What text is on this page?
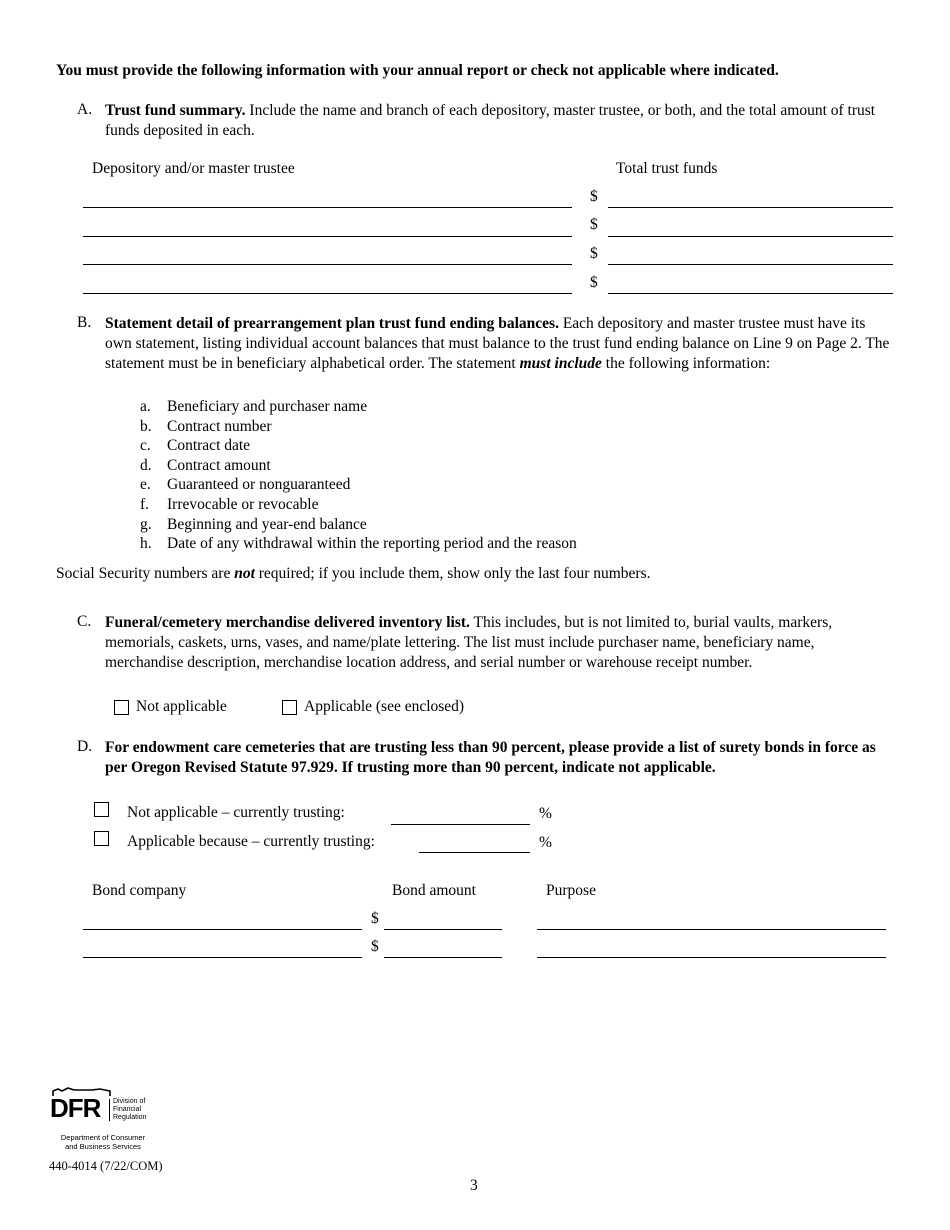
You must provide the following information with your annual report or check not applicable where indicated.
A. Trust fund summary. Include the name and branch of each depository, master trustee, or both, and the total amount of trust funds deposited in each.
Depository and/or master trustee	Total trust funds
$
$
$
$
B. Statement detail of prearrangement plan trust fund ending balances. Each depository and master trustee must have its own statement, listing individual account balances that must balance to the trust fund ending balance on Line 9 on Page 2. The statement must be in beneficiary alphabetical order. The statement must include the following information:
a. Beneficiary and purchaser name
b. Contract number
c. Contract date
d. Contract amount
e. Guaranteed or nonguaranteed
f. Irrevocable or revocable
g. Beginning and year-end balance
h. Date of any withdrawal within the reporting period and the reason
Social Security numbers are not required; if you include them, show only the last four numbers.
C. Funeral/cemetery merchandise delivered inventory list. This includes, but is not limited to, burial vaults, markers, memorials, caskets, urns, vases, and name/plate lettering. The list must include purchaser name, beneficiary name, merchandise description, merchandise location address, and serial number or warehouse receipt number.
Not applicable	Applicable (see enclosed)
D. For endowment care cemeteries that are trusting less than 90 percent, please provide a list of surety bonds in force as per Oregon Revised Statute 97.929. If trusting more than 90 percent, indicate not applicable.
Not applicable – currently trusting:	%
Applicable because – currently trusting:	%
Bond company	Bond amount	Purpose
$
$
DFR Division of
Financial
Regulation
Department of Consumer
and Business Services
440-4014 (7/22/COM)
3
